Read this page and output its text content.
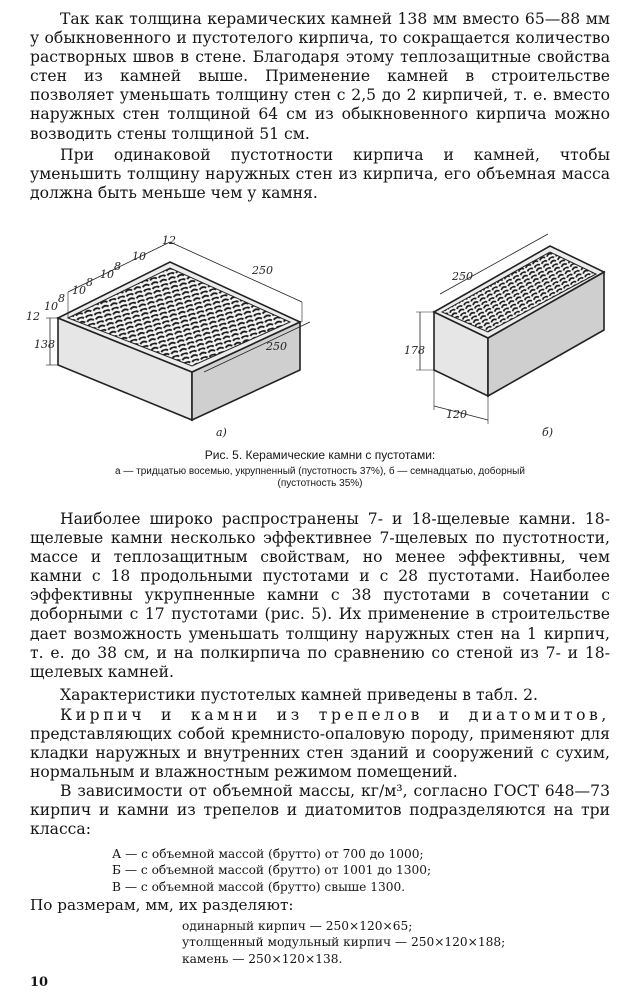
Так как толщина керамических камней 138 мм вместо 65—88 мм у обыкновенного и пустотелого кирпича, то сокращается количество растворных швов в стене. Благодаря этому теплозащитные свойства стен из камней выше. Применение камней в строительстве позволяет уменьшать толщину стен с 2,5 до 2 кирпичей, т. е. вместо наружных стен толщиной 64 см из обыкновенного кирпича можно возводить стены толщиной 51 см.

При одинаковой пустотности кирпича и камней, чтобы уменьшить толщину наружных стен из кирпича, его объемная масса должна быть меньше чем у камня.

250
250
138
12
10
8
10
8
10
8
10
12
а)
250
178
120
б)
Рис. 5. Керамические камни с пустотами:
а — тридцатью восемью, укрупненный (пустотность 37%), б — семнадцатью, доборный
(пустотность 35%)

Наиболее широко распространены 7- и 18-щелевые камни. 18-щелевые камни несколько эффективнее 7-щелевых по пустотности, массе и теплозащитным свойствам, но менее эффективны, чем камни с 18 продольными пустотами и с 28 пустотами. Наиболее эффективны укрупненные камни с 38 пустотами в сочетании с доборными с 17 пустотами (рис. 5). Их применение в строительстве дает возможность уменьшать толщину наружных стен на 1 кирпич, т. е. до 38 см, и на полкирпича по сравнению со стеной из 7- и 18-щелевых камней.

Характеристики пустотелых камней приведены в табл. 2.

Кирпич и камни из трепелов и диатомитов, представляющих собой кремнисто-опаловую породу, применяют для кладки наружных и внутренних стен зданий и сооружений с сухим, нормальным и влажностным режимом помещений.

В зависимости от объемной массы, кг/м³, согласно ГОСТ 648—73 кирпич и камни из трепелов и диатомитов подразделяются на три класса:

А — с объемной массой (брутто) от 700 до 1000;
Б — с объемной массой (брутто) от 1001 до 1300;
В — с объемной массой (брутто) свыше 1300.
По размерам, мм, их разделяют:
одинарный кирпич — 250×120×65;
утолщенный модульный кирпич — 250×120×188;
камень — 250×120×138.
10
